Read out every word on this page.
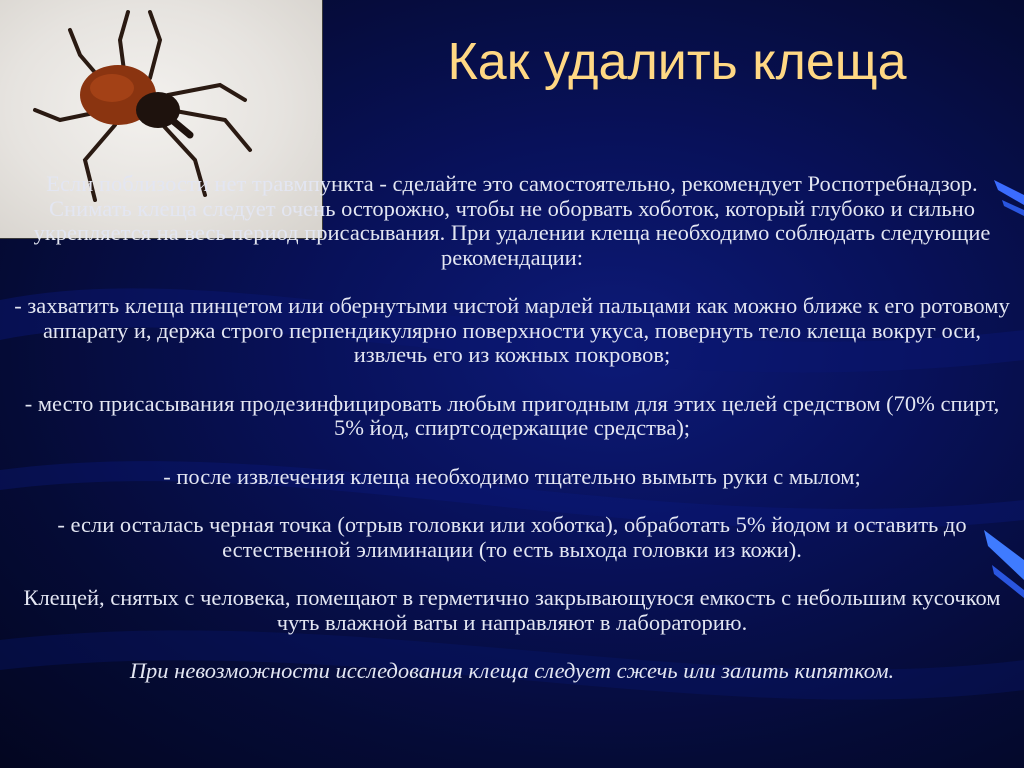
Как удалить клеща

Если поблизости нет травмпункта - сделайте это самостоятельно, рекомендует Роспотребнадзор.

Снимать клеща следует очень осторожно, чтобы не оборвать хоботок, который глубоко и сильно укрепляется на весь период присасывания. При удалении клеща необходимо соблюдать следующие рекомендации:

- захватить клеща пинцетом или обернутыми чистой марлей пальцами как можно ближе к его ротовому аппарату и, держа строго перпендикулярно поверхности укуса, повернуть тело клеща вокруг оси, извлечь его из кожных покровов;

- место присасывания продезинфицировать любым пригодным для этих целей средством (70% спирт, 5% йод, спиртсодержащие средства);

- после извлечения клеща необходимо тщательно вымыть руки с мылом;

- если осталась черная точка (отрыв головки или хоботка), обработать 5% йодом и оставить до естественной элиминации (то есть выхода головки из кожи).

Клещей, снятых с человека, помещают в герметично закрывающуюся емкость с небольшим кусочком чуть влажной ваты и направляют в лабораторию.

При невозможности исследования клеща следует сжечь или залить кипятком.
